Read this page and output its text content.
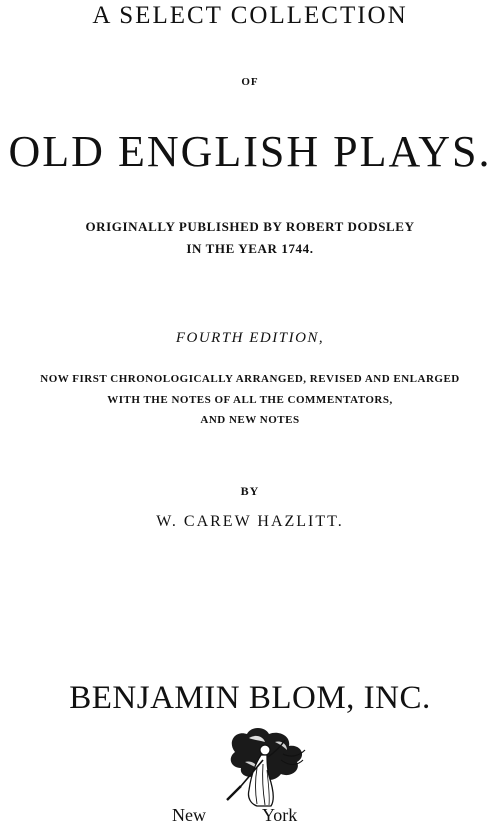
A SELECT COLLECTION
OF
OLD ENGLISH PLAYS.
ORIGINALLY PUBLISHED BY ROBERT DODSLEY
IN THE YEAR 1744.
FOURTH EDITION,
NOW FIRST CHRONOLOGICALLY ARRANGED, REVISED AND ENLARGED
WITH THE NOTES OF ALL THE COMMENTATORS,
AND NEW NOTES
BY
W. CAREW HAZLITT.
BENJAMIN BLOM, INC.
New	York
